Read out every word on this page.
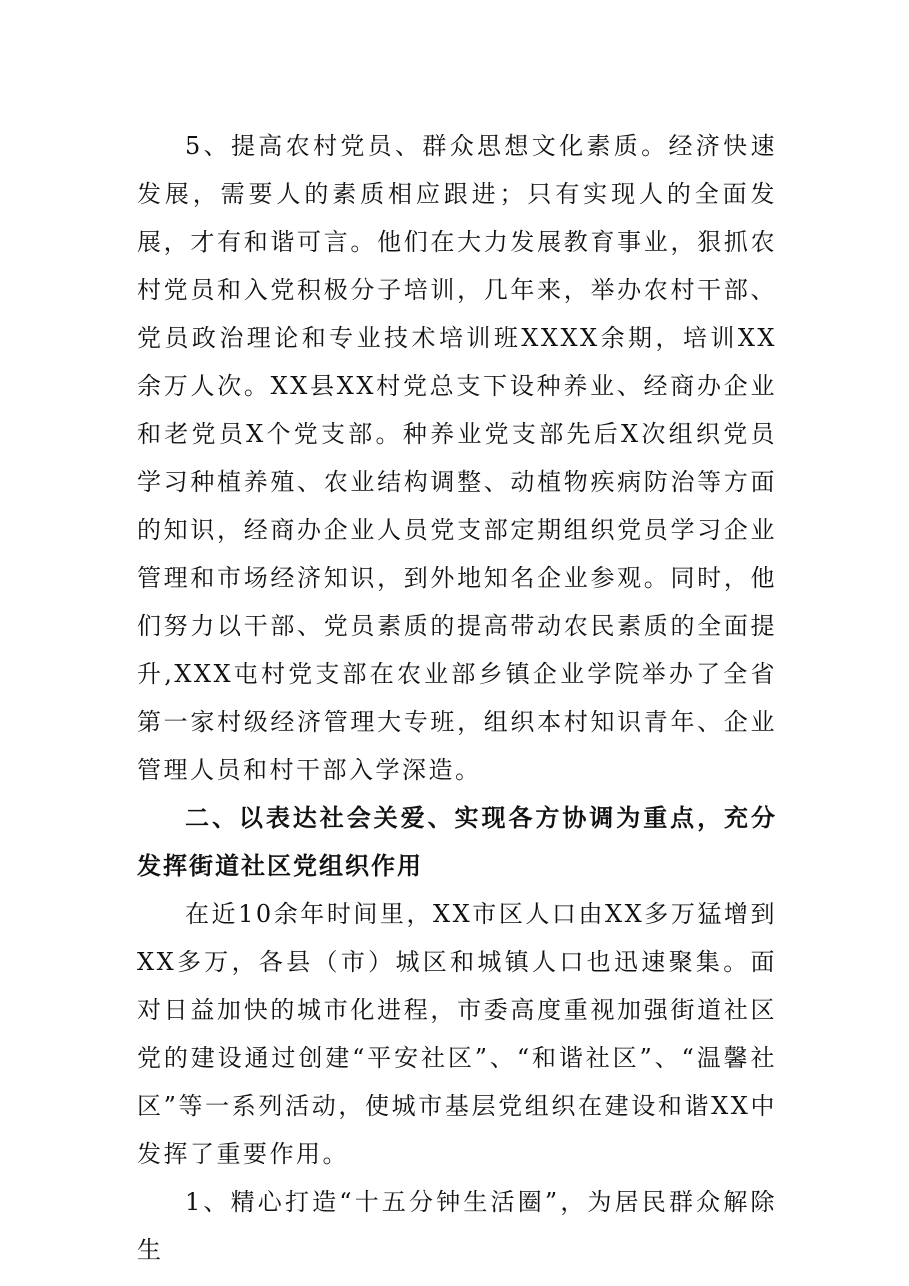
5、提高农村党员、群众思想文化素质。经济快速发展，需要人的素质相应跟进；只有实现人的全面发展，才有和谐可言。他们在大力发展教育事业，狠抓农村党员和入党积极分子培训，几年来，举办农村干部、党员政治理论和专业技术培训班XXXX余期，培训XX余万人次。XX县XX村党总支下设种养业、经商办企业和老党员X个党支部。种养业党支部先后X次组织党员学习种植养殖、农业结构调整、动植物疾病防治等方面的知识，经商办企业人员党支部定期组织党员学习企业管理和市场经济知识，到外地知名企业参观。同时，他们努力以干部、党员素质的提高带动农民素质的全面提升,XXX屯村党支部在农业部乡镇企业学院举办了全省第一家村级经济管理大专班，组织本村知识青年、企业管理人员和村干部入学深造。

二、以表达社会关爱、实现各方协调为重点，充分发挥街道社区党组织作用

在近10余年时间里，XX市区人口由XX多万猛增到XX多万，各县（市）城区和城镇人口也迅速聚集。面对日益加快的城市化进程，市委高度重视加强街道社区党的建设通过创建“平安社区”、“和谐社区”、“温馨社区”等一系列活动，使城市基层党组织在建设和谐XX中发挥了重要作用。

1、精心打造“十五分钟生活圈”，为居民群众解除生
